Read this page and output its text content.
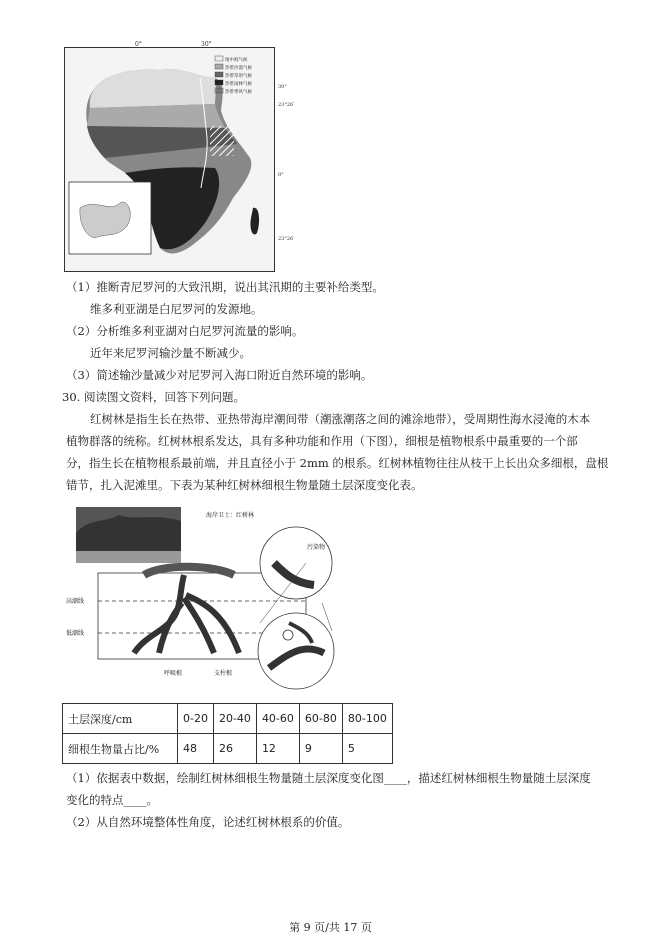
0°	30°
30°
23°26′
0°
23°26′
地中海气候
热带沙漠气候
热带草原气候
热带雨林气候
热带季风气候
（1）推断青尼罗河的大致汛期，说出其汛期的主要补给类型。
维多利亚湖是白尼罗河的发源地。
（2）分析维多利亚湖对白尼罗河流量的影响。
近年来尼罗河输沙量不断减少。
（3）简述输沙量减少对尼罗河入海口附近自然环境的影响。
30. 阅读图文资料，回答下列问题。
红树林是指生长在热带、亚热带海岸潮间带（潮涨潮落之间的滩涂地带），受周期性海水浸淹的木本
植物群落的统称。红树林根系发达，具有多种功能和作用（下图），细根是植物根系中最重要的一个部
分，指生长在植物根系最前端，并且直径小于 2mm 的根系。红树林植物往往从枝干上长出众多细根，盘根
错节，扎入泥滩里。下表为某种红树林细根生物量随土层深度变化表。
海岸卫士：红树林
高潮线
低潮线
呼吸根	支柱根
污染物
土层深度/cm	0-20	20-40	40-60	60-80	80-100
细根生物量占比/%	48	26	12	9	5
（1）依据表中数据，绘制红树林细根生物量随土层深度变化图____，描述红树林细根生物量随土层深度
变化的特点____。
（2）从自然环境整体性角度，论述红树林根系的价值。
第 9 页/共 17 页
